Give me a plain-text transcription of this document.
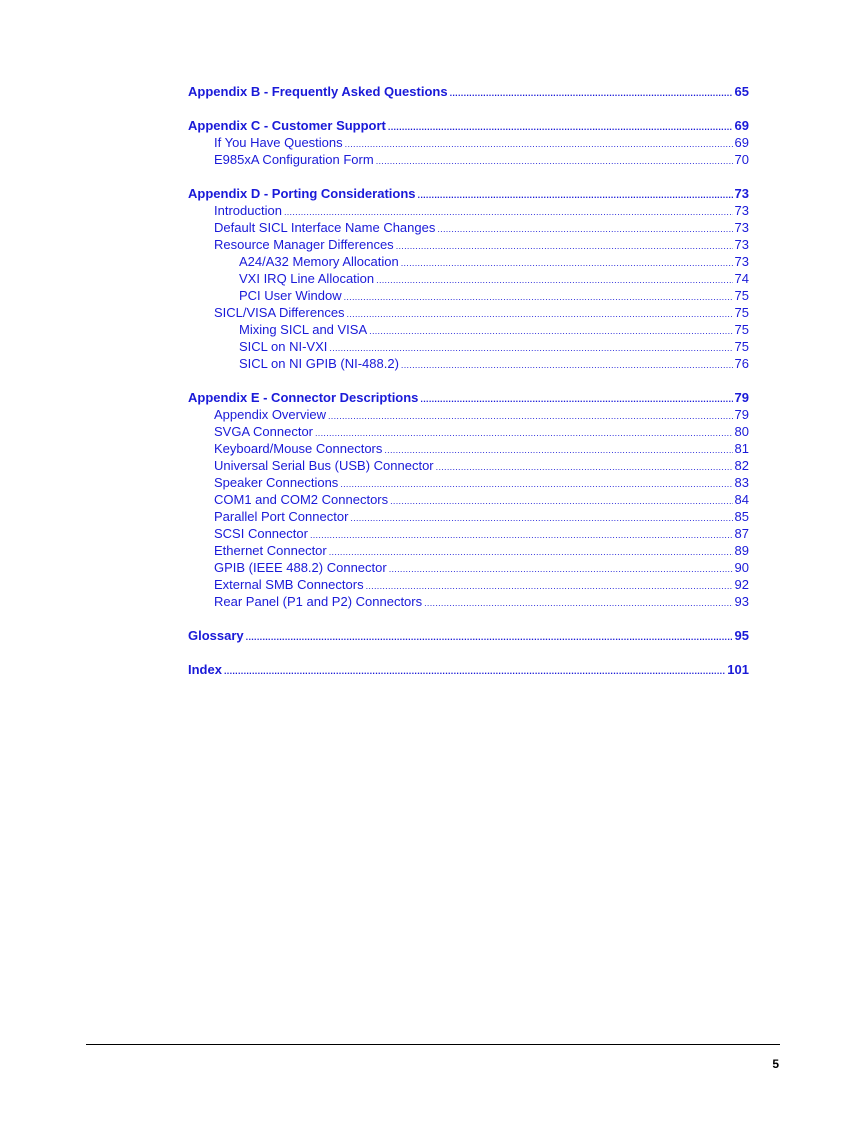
Appendix B - Frequently Asked Questions .....	65
Appendix C - Customer Support .....	69
If You Have Questions .....	69
E985xA Configuration Form .....	70
Appendix D - Porting Considerations .....	73
Introduction .....	73
Default SICL Interface Name Changes .....	73
Resource Manager Differences .....	73
A24/A32 Memory Allocation .....	73
VXI IRQ Line Allocation .....	74
PCI User Window .....	75
SICL/VISA Differences .....	75
Mixing SICL and VISA .....	75
SICL on NI-VXI .....	75
SICL on NI GPIB (NI-488.2) .....	76
Appendix E - Connector Descriptions .....	79
Appendix Overview .....	79
SVGA Connector .....	80
Keyboard/Mouse Connectors .....	81
Universal Serial Bus (USB) Connector .....	82
Speaker Connections .....	83
COM1 and COM2 Connectors .....	84
Parallel Port Connector .....	85
SCSI Connector .....	87
Ethernet Connector .....	89
GPIB (IEEE 488.2) Connector .....	90
External SMB Connectors .....	92
Rear Panel (P1 and P2) Connectors .....	93
Glossary .....	95
Index .....	101
5
